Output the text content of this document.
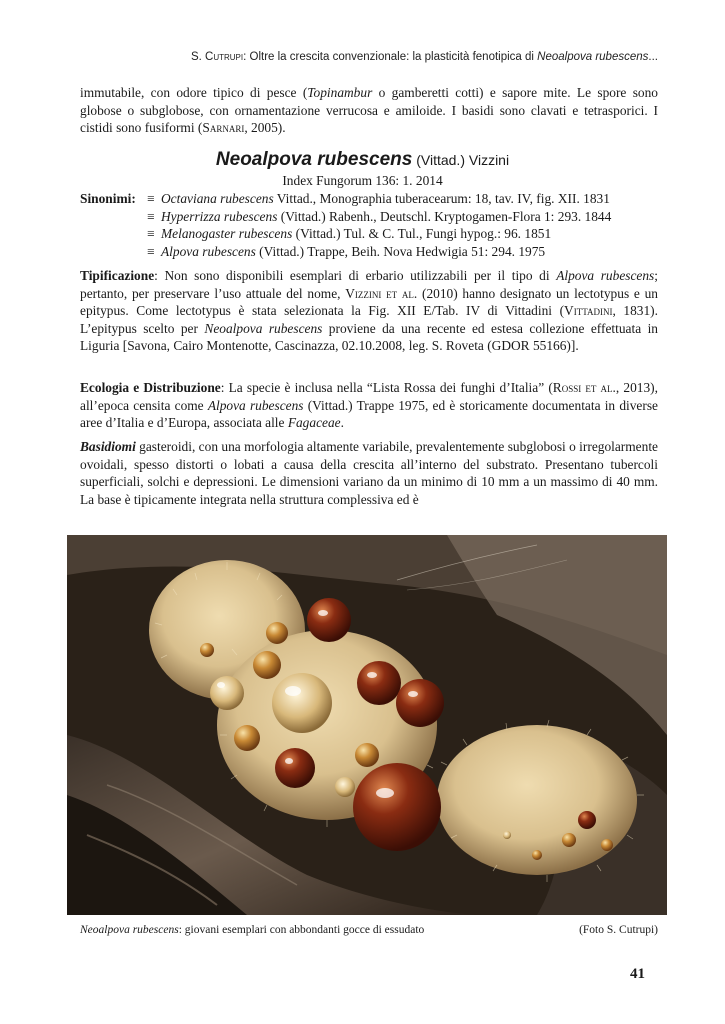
S. Cutrupi: Oltre la crescita convenzionale: la plasticità fenotipica di Neoalpova rubescens...
immutabile, con odore tipico di pesce (Topinambur o gamberetti cotti) e sapore mite. Le spore sono globose o subglobose, con ornamentazione verrucosa e amiloide. I basidi sono clavati e tetrasporici. I cistidi sono fusiformi (Sarnari, 2005).
Neoalpova rubescens (Vittad.) Vizzini
Index Fungorum 136: 1. 2014
Sinonimi: ≡ Octaviana rubescens Vittad., Monographia tuberacearum: 18, tav. IV, fig. XII. 1831
≡ Hyperrizza rubescens (Vittad.) Rabenh., Deutschl. Kryptogamen-Flora 1: 293. 1844
≡ Melanogaster rubescens (Vittad.) Tul. & C. Tul., Fungi hypog.: 96. 1851
≡ Alpova rubescens (Vittad.) Trappe, Beih. Nova Hedwigia 51: 294. 1975
Tipificazione: Non sono disponibili esemplari di erbario utilizzabili per il tipo di Alpova rubescens; pertanto, per preservare l’uso attuale del nome, Vizzini et al. (2010) hanno designato un lectotypus e un epitypus. Come lectotypus è stata selezionata la Fig. XII E/Tab. IV di Vittadini (Vittadini, 1831). L’epitypus scelto per Neoalpova rubescens proviene da una recente ed estesa collezione effettuata in Liguria [Savona, Cairo Montenotte, Cascinazza, 02.10.2008, leg. S. Roveta (GDOR 55166)].
Ecologia e Distribuzione: La specie è inclusa nella “Lista Rossa dei funghi d’Italia” (Rossi et al., 2013), all’epoca censita come Alpova rubescens (Vittad.) Trappe 1975, ed è storicamente documentata in diverse aree d’Italia e d’Europa, associata alle Fagaceae.
Basidiomi gasteroidi, con una morfologia altamente variabile, prevalentemente subglobosi o irregolarmente ovoidali, spesso distorti o lobati a causa della crescita all’interno del substrato. Presentano tubercoli superficiali, solchi e depressioni. Le dimensioni variano da un minimo di 10 mm a un massimo di 40 mm. La base è tipicamente integrata nella struttura complessiva ed è
Neoalpova rubescens: giovani esemplari con abbondanti gocce di essudato	(Foto S. Cutrupi)
41
